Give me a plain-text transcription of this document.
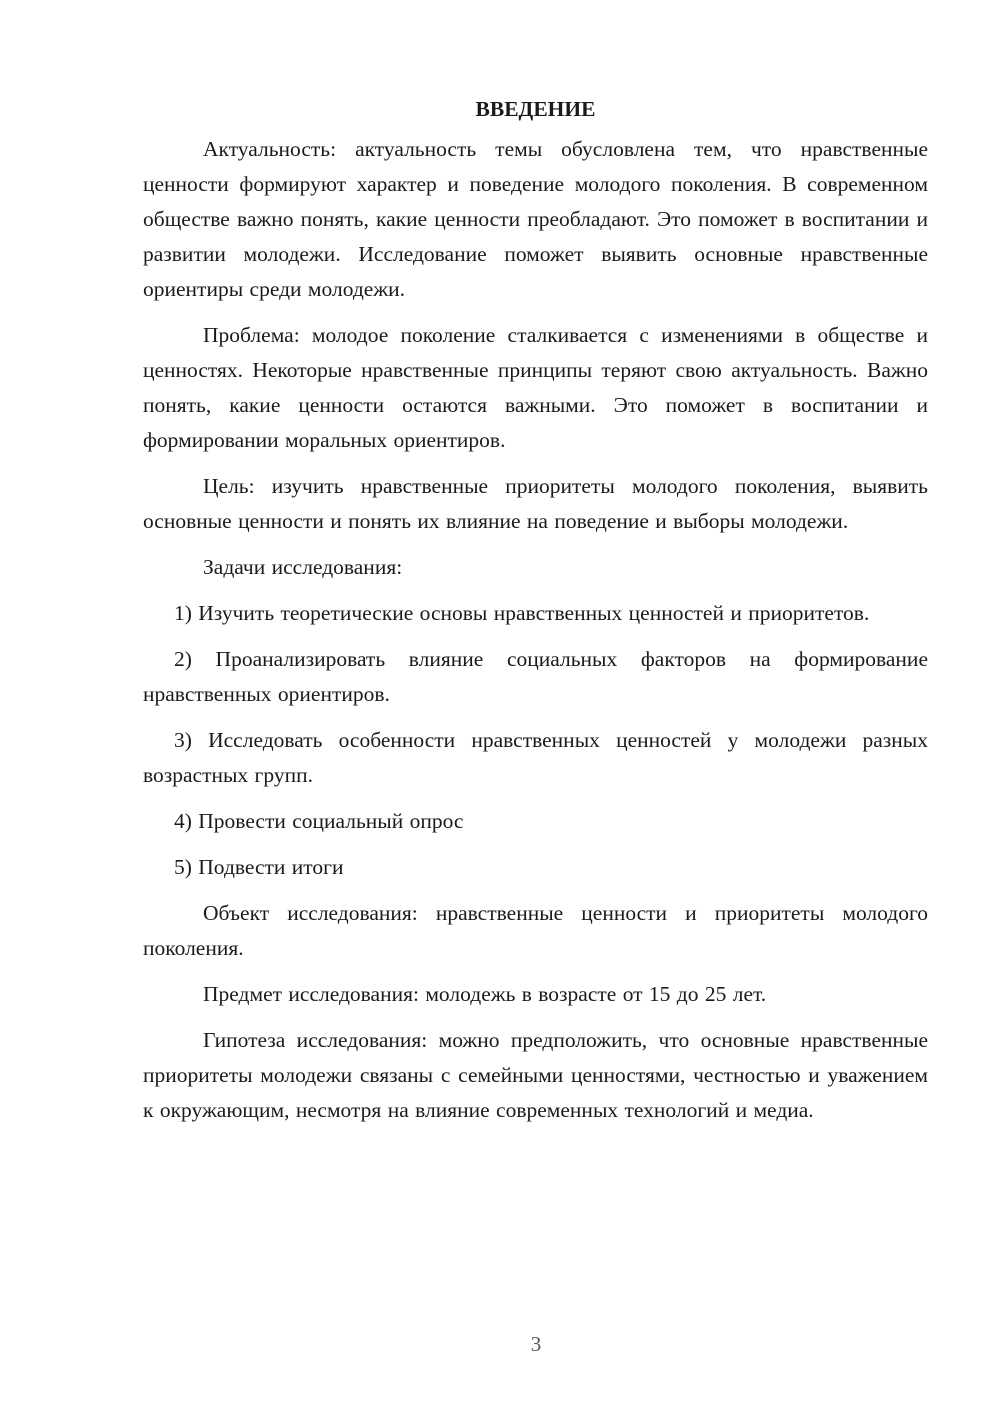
ВВЕДЕНИЕ

Актуальность: актуальность темы обусловлена тем, что нравственные ценности формируют характер и поведение молодого поколения. В современном обществе важно понять, какие ценности преобладают. Это поможет в воспитании и развитии молодежи. Исследование поможет выявить основные нравственные ориентиры среди молодежи.

Проблема: молодое поколение сталкивается с изменениями в обществе и ценностях. Некоторые нравственные принципы теряют свою актуальность. Важно понять, какие ценности остаются важными. Это поможет в воспитании и формировании моральных ориентиров.

Цель: изучить нравственные приоритеты молодого поколения, выявить основные ценности и понять их влияние на поведение и выборы молодежи.

Задачи исследования:

1) Изучить теоретические основы нравственных ценностей и приоритетов.

2) Проанализировать влияние социальных факторов на формирование нравственных ориентиров.

3) Исследовать особенности нравственных ценностей у молодежи разных возрастных групп.

4) Провести социальный опрос

5) Подвести итоги

Объект исследования: нравственные ценности и приоритеты молодого поколения.

Предмет исследования: молодежь в возрасте от 15 до 25 лет.

Гипотеза исследования: можно предположить, что основные нравственные приоритеты молодежи связаны с семейными ценностями, честностью и уважением к окружающим, несмотря на влияние современных технологий и медиа.

3
